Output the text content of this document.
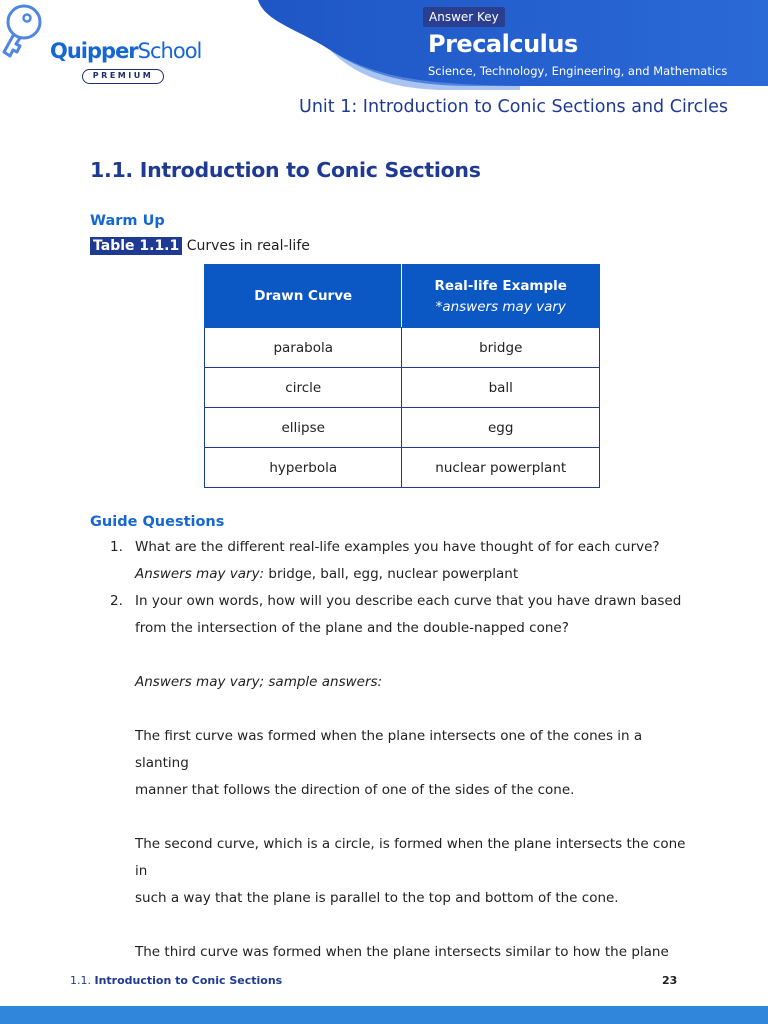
Answer Key
Precalculus
Science, Technology, Engineering, and Mathematics
QuipperSchool
PREMIUM
Unit 1: Introduction to Conic Sections and Circles
1.1. Introduction to Conic Sections
Warm Up
Table 1.1.1 Curves in real-life
Drawn Curve	Real-life Example
*answers may vary

parabola	bridge
circle	ball
ellipse	egg
hyperbola	nuclear powerplant
Guide Questions
1. What are the different real-life examples you have thought of for each curve?
Answers may vary: bridge, ball, egg, nuclear powerplant
2. In your own words, how will you describe each curve that you have drawn based
from the intersection of the plane and the double-napped cone?
Answers may vary; sample answers:
The first curve was formed when the plane intersects one of the cones in a slanting
manner that follows the direction of one of the sides of the cone.
The second curve, which is a circle, is formed when the plane intersects the cone in
such a way that the plane is parallel to the top and bottom of the cone.
The third curve was formed when the plane intersects similar to how the plane
1.1. Introduction to Conic Sections	23
